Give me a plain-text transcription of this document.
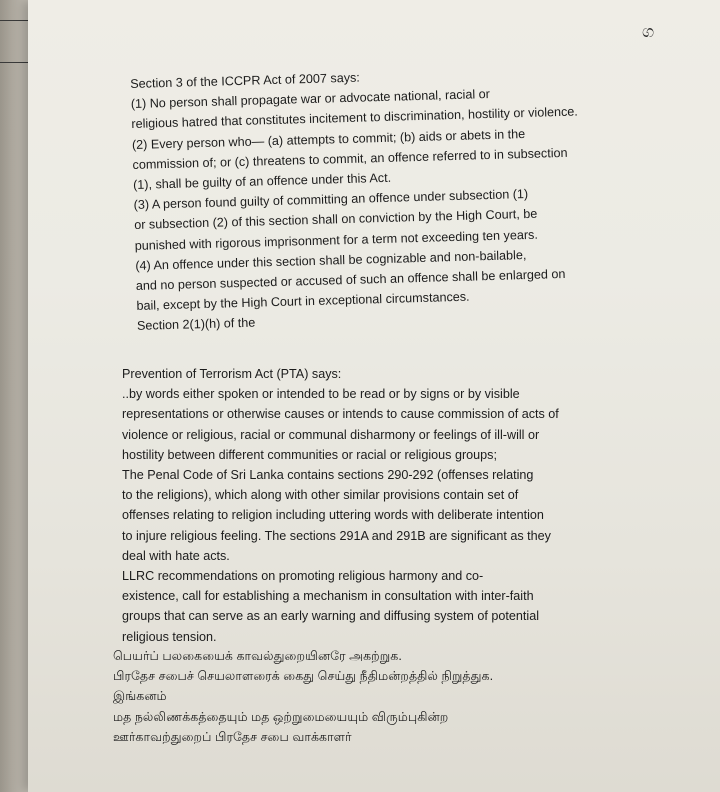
ග
Section 3 of the ICCPR Act of 2007 says:
(1) No person shall propagate war or advocate national, racial or
religious hatred that constitutes incitement to discrimination, hostility or violence.
(2) Every person who— (a) attempts to commit; (b) aids or abets in the
commission of; or (c) threatens to commit, an offence referred to in subsection
(1), shall be guilty of an offence under this Act.
(3) A person found guilty of committing an offence under subsection (1)
or subsection (2) of this section shall on conviction by the High Court, be
punished with rigorous imprisonment for a term not exceeding ten years.
(4) An offence under this section shall be cognizable and non-bailable,
and no person suspected or accused of such an offence shall be enlarged on
bail, except by the High Court in exceptional circumstances.
Section 2(1)(h) of the
Prevention of Terrorism Act (PTA) says:
..by words either spoken or intended to be read or by signs or by visible
representations or otherwise causes or intends to cause commission of acts of
violence or religious, racial or communal disharmony or feelings of ill-will or
hostility between different communities or racial or religious groups;
The Penal Code of Sri Lanka contains sections 290-292 (offenses relating
to the religions), which along with other similar provisions contain set of
offenses relating to religion including uttering words with deliberate intention
to injure religious feeling. The sections 291A and 291B are significant as they
deal with hate acts.
LLRC recommendations on promoting religious harmony and co-
existence, call for establishing a mechanism in consultation with inter-faith
groups that can serve as an early warning and diffusing system of potential
religious tension.
பெயர்ப் பலகையைக் காவல்துறையினரே அகற்றுக.
பிரதேச சபைச் செயலாளரைக் கைது செய்து நீதிமன்றத்தில் நிறுத்துக.
இங்கனம்
மத நல்லிணக்கத்தையும் மத ஒற்றுமையையும் விரும்புகின்ற
ஊர்காவற்துறைப் பிரதேச சபை வாக்காளர்
